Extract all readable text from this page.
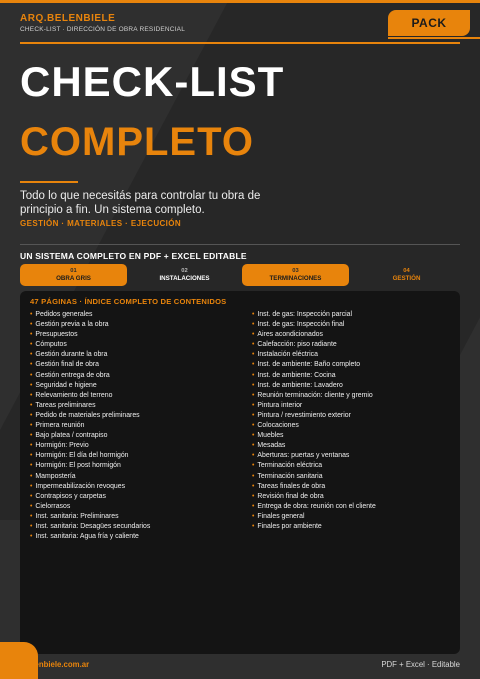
ARQ.BELENBIELE
CHECK-LIST · DIRECCIÓN DE OBRA RESIDENCIAL	PACK
CHECK-LIST
COMPLETO
Todo lo que necesitás para controlar tu obra de principio a fin. Un sistema completo.
GESTIÓN · MATERIALES · EJECUCIÓN
UN SISTEMA COMPLETO EN PDF + EXCEL EDITABLE
01
OBRA GRIS
02
INSTALACIONES
03
TERMINACIONES
04
GESTIÓN
47 PÁGINAS · ÍNDICE COMPLETO DE CONTENIDOS
• Pedidos generales
• Gestión previa a la obra
• Presupuestos
• Cómputos
• Gestión durante la obra
• Gestión final de obra
• Gestión entrega de obra
• Seguridad e higiene
• Relevamiento del terreno
• Tareas preliminares
• Pedido de materiales preliminares
• Primera reunión
• Bajo platea / contrapiso
• Hormigón: Previo
• Hormigón: El día del hormigón
• Hormigón: El post hormigón
• Mampostería
• Impermeabilización revoques
• Contrapisos y carpetas
• Cielorrasos
• Inst. sanitaria: Preliminares
• Inst. sanitaria: Desagües secundarios
• Inst. sanitaria: Agua fría y caliente
• Inst. de gas: Inspección parcial
• Inst. de gas: Inspección final
• Aires acondicionados
• Calefacción: piso radiante
• Instalación eléctrica
• Inst. de ambiente: Baño completo
• Inst. de ambiente: Cocina
• Inst. de ambiente: Lavadero
• Reunión terminación: cliente y gremio
• Pintura interior
• Pintura / revestimiento exterior
• Colocaciones
• Muebles
• Mesadas
• Aberturas: puertas y ventanas
• Terminación eléctrica
• Terminación sanitaria
• Tareas finales de obra
• Revisión final de obra
• Entrega de obra: reunión con el cliente
• Finales general
• Finales por ambiente
elenbiele.com.ar	PDF + Excel · Editable
